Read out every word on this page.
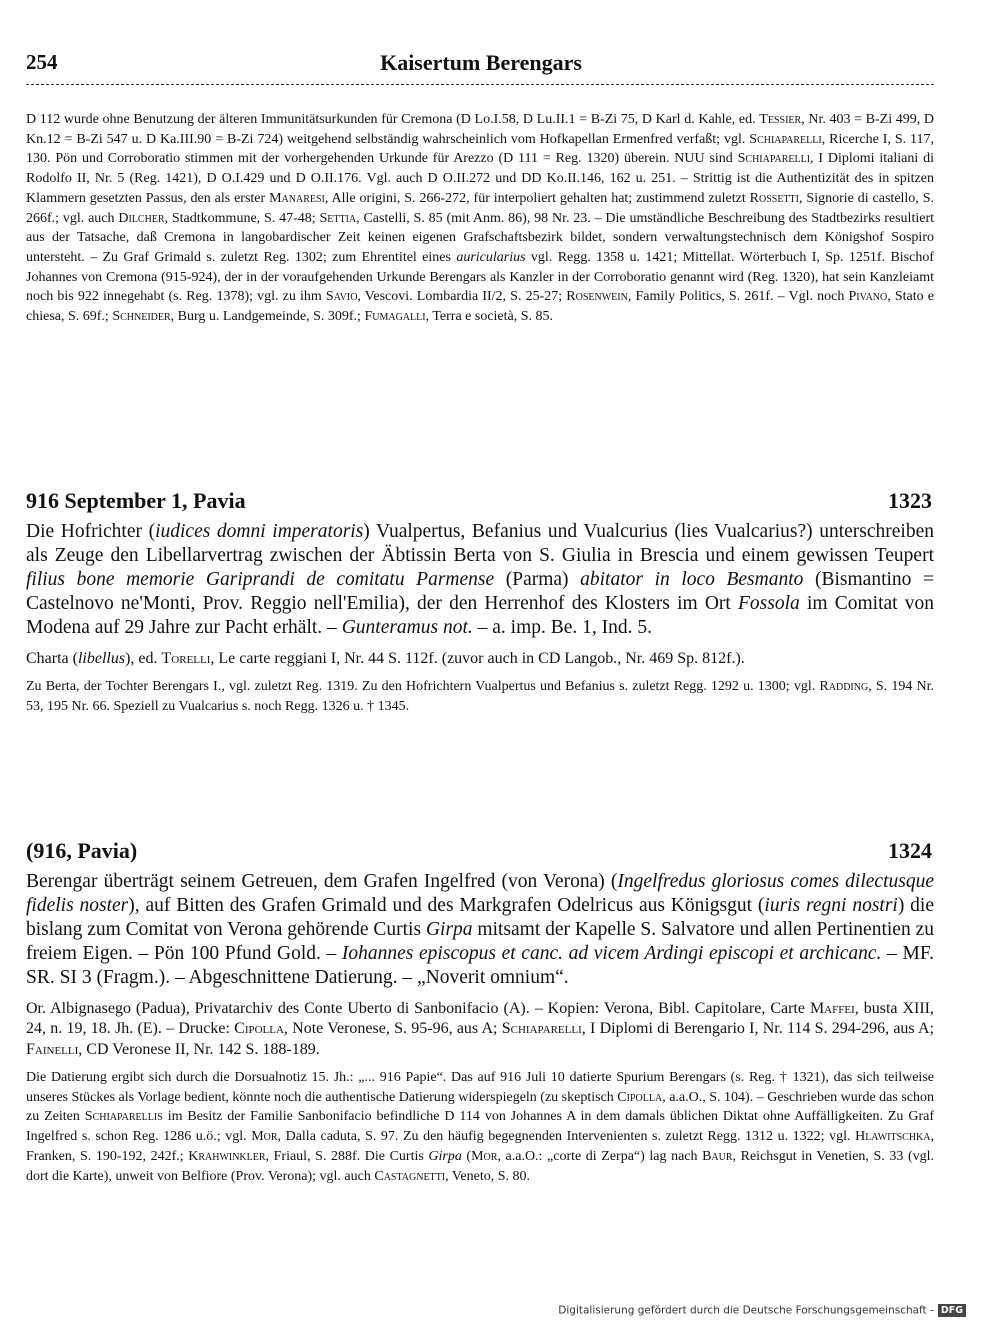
Kaisertum Berengars
254
D 112 wurde ohne Benutzung der älteren Immunitätsurkunden für Cremona (D Lo.I.58, D Lu.II.1 = B-Zi 75, D Karl d. Kahle, ed. Tessier, Nr. 403 = B-Zi 499, D Kn.12 = B-Zi 547 u. D Ka.III.90 = B-Zi 724) weitgehend selbständig wahrscheinlich vom Hofkapellan Ermenfred verfaßt; vgl. Schiaparelli, Ricerche I, S. 117, 130. Pön und Corroboratio stimmen mit der vorhergehenden Urkunde für Arezzo (D 111 = Reg. 1320) überein. NUU sind Schiaparelli, I Diplomi italiani di Rodolfo II, Nr. 5 (Reg. 1421), D O.I.429 und D O.II.176. Vgl. auch D O.II.272 und DD Ko.II.146, 162 u. 251. – Strittig ist die Authentizität des in spitzen Klammern gesetzten Passus, den als erster Manaresi, Alle origini, S. 266-272, für interpoliert gehalten hat; zustimmend zuletzt Rossetti, Signorie di castello, S. 266f.; vgl. auch Dilcher, Stadtkommune, S. 47-48; Settia, Castelli, S. 85 (mit Anm. 86), 98 Nr. 23. – Die umständliche Beschreibung des Stadtbezirks resultiert aus der Tatsache, daß Cremona in langobardischer Zeit keinen eigenen Grafschaftsbezirk bildet, sondern verwaltungstechnisch dem Königshof Sospiro untersteht. – Zu Graf Grimald s. zuletzt Reg. 1302; zum Ehrentitel eines auricularius vgl. Regg. 1358 u. 1421; Mittellat. Wörterbuch I, Sp. 1251f. Bischof Johannes von Cremona (915-924), der in der voraufgehenden Urkunde Berengars als Kanzler in der Corroboratio genannt wird (Reg. 1320), hat sein Kanzleiamt noch bis 922 innegehabt (s. Reg. 1378); vgl. zu ihm Savio, Vescovi. Lombardia II/2, S. 25-27; Rosenwein, Family Politics, S. 261f. – Vgl. noch Pivano, Stato e chiesa, S. 69f.; Schneider, Burg u. Landgemeinde, S. 309f.; Fumagalli, Terra e società, S. 85.
916 September 1, Pavia	1323
Die Hofrichter (iudices domni imperatoris) Vualpertus, Befanius und Vualcurius (lies Vualcarius?) unterschreiben als Zeuge den Libellarvertrag zwischen der Äbtissin Berta von S. Giulia in Brescia und einem gewissen Teupert filius bone memorie Gariprandi de comitatu Parmense (Parma) abitator in loco Besmanto (Bismantino = Castelnovo ne'Monti, Prov. Reggio nell'Emilia), der den Herrenhof des Klosters im Ort Fossola im Comitat von Modena auf 29 Jahre zur Pacht erhält. – Gunteramus not. – a. imp. Be. 1, Ind. 5.
Charta (libellus), ed. Torelli, Le carte reggiani I, Nr. 44 S. 112f. (zuvor auch in CD Langob., Nr. 469 Sp. 812f.).
Zu Berta, der Tochter Berengars I., vgl. zuletzt Reg. 1319. Zu den Hofrichtern Vualpertus und Befanius s. zuletzt Regg. 1292 u. 1300; vgl. Radding, S. 194 Nr. 53, 195 Nr. 66. Speziell zu Vualcarius s. noch Regg. 1326 u. † 1345.
(916, Pavia)	1324
Berengar überträgt seinem Getreuen, dem Grafen Ingelfred (von Verona) (Ingelfredus gloriosus comes dilectusque fidelis noster), auf Bitten des Grafen Grimald und des Markgrafen Odelricus aus Königsgut (iuris regni nostri) die bislang zum Comitat von Verona gehörende Curtis Girpa mitsamt der Kapelle S. Salvatore und allen Pertinentien zu freiem Eigen. – Pön 100 Pfund Gold. – Iohannes episcopus et canc. ad vicem Ardingi episcopi et archicanc. – MF. SR. SI 3 (Fragm.). – Abgeschnittene Datierung. – „Noverit omnium“.
Or. Albignasego (Padua), Privatarchiv des Conte Uberto di Sanbonifacio (A). – Kopien: Verona, Bibl. Capitolare, Carte Maffei, busta XIII, 24, n. 19, 18. Jh. (E). – Drucke: Cipolla, Note Veronese, S. 95-96, aus A; Schiaparelli, I Diplomi di Berengario I, Nr. 114 S. 294-296, aus A; Fainelli, CD Veronese II, Nr. 142 S. 188-189.
Die Datierung ergibt sich durch die Dorsualnotiz 15. Jh.: „... 916 Papie“. Das auf 916 Juli 10 datierte Spurium Berengars (s. Reg. † 1321), das sich teilweise unseres Stückes als Vorlage bedient, könnte noch die authentische Datierung widerspiegeln (zu skeptisch Cipolla, a.a.O., S. 104). – Geschrieben wurde das schon zu Zeiten Schiaparellis im Besitz der Familie Sanbonifacio befindliche D 114 von Johannes A in dem damals üblichen Diktat ohne Auffälligkeiten. Zu Graf Ingelfred s. schon Reg. 1286 u.ö.; vgl. Mor, Dalla caduta, S. 97. Zu den häufig begegnenden Intervenienten s. zuletzt Regg. 1312 u. 1322; vgl. Hlawitschka, Franken, S. 190-192, 242f.; Krahwinkler, Friaul, S. 288f. Die Curtis Girpa (Mor, a.a.O.: „corte di Zerpa“) lag nach Baur, Reichsgut in Venetien, S. 33 (vgl. dort die Karte), unweit von Belfiore (Prov. Verona); vgl. auch Castagnetti, Veneto, S. 80.
Digitalisierung gefördert durch die Deutsche Forschungsgemeinschaft - DFG
